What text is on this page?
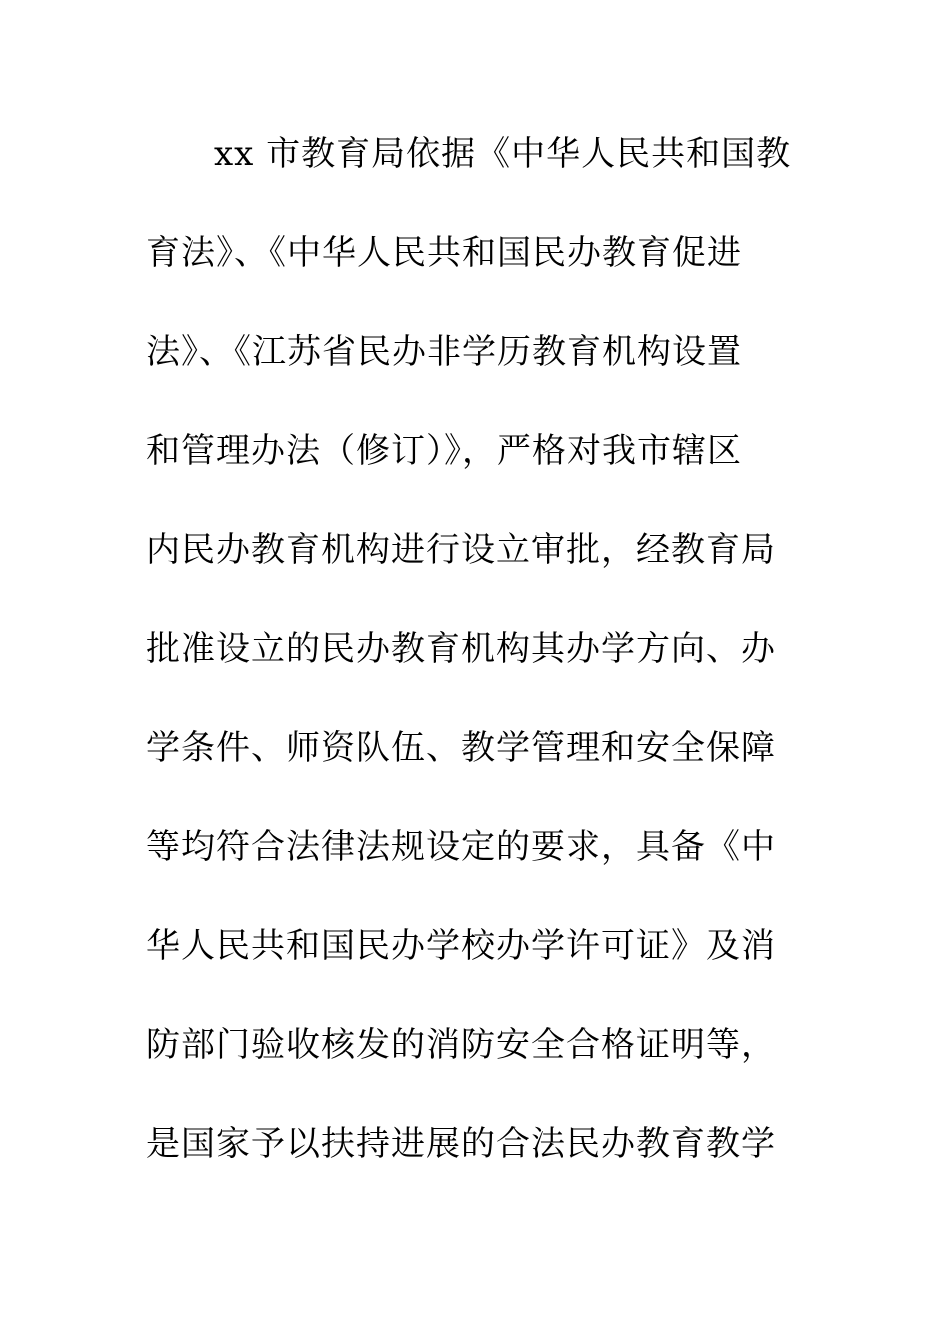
xx 市教育局依据《中华人民共和国教
育法》、《中华人民共和国民办教育促进
法》、《江苏省民办非学历教育机构设置
和管理办法（修订）》，严格对我市辖区
内民办教育机构进行设立审批，经教育局
批准设立的民办教育机构其办学方向、办
学条件、师资队伍、教学管理和安全保障
等均符合法律法规设定的要求，具备《中
华人民共和国民办学校办学许可证》及消
防部门验收核发的消防安全合格证明等，
是国家予以扶持进展的合法民办教育教学
